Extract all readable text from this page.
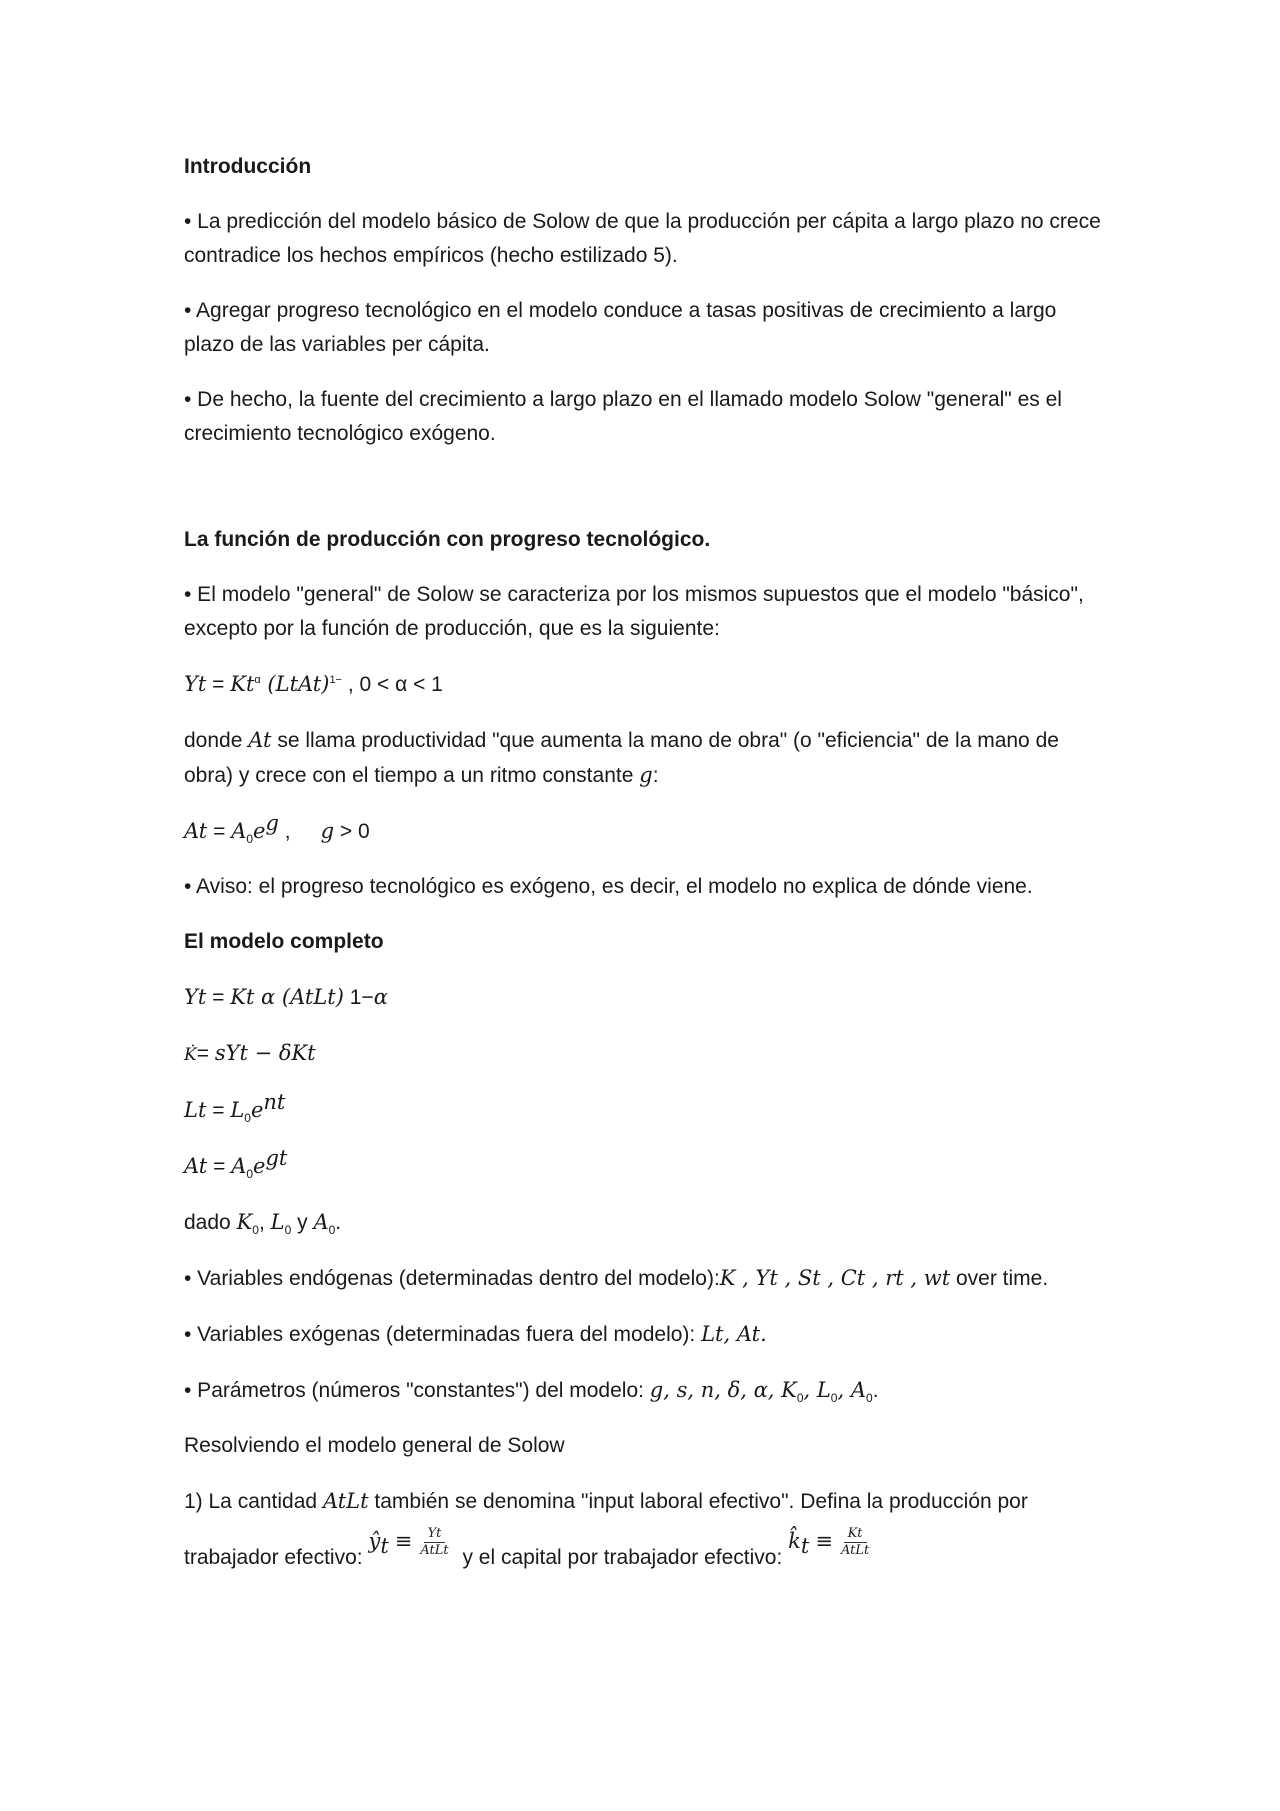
Introducción

• La predicción del modelo básico de Solow de que la producción per cápita a largo plazo no crece contradice los hechos empíricos (hecho estilizado 5).

• Agregar progreso tecnológico en el modelo conduce a tasas positivas de crecimiento a largo plazo de las variables per cápita.

• De hecho, la fuente del crecimiento a largo plazo en el llamado modelo Solow "general" es el crecimiento tecnológico exógeno.

La función de producción con progreso tecnológico.

• El modelo "general" de Solow se caracteriza por los mismos supuestos que el modelo "básico", excepto por la función de producción, que es la siguiente:

$Yt = Kt^\alpha$ (LtAt)$^{1-}$ , 0 < α < 1

donde At se llama productividad "que aumenta la mano de obra" (o "eficiencia" de la mano de obra) y crece con el tiempo a un ritmo constante g:

$At = A_0e^g$ , g > 0

• Aviso: el progreso tecnológico es exógeno, es decir, el modelo no explica de dónde viene.

El modelo completo

Yt = Kt α (AtLt) 1−α

K̇= sYt − δKt

$Lt = L_0e^{nt}$

$At = A_0e^{gt}$

dado $K_0$, $L_0$ y $A_0$.

• Variables endógenas (determinadas dentro del modelo):K , Yt , St , Ct , rt , wt over time.

• Variables exógenas (determinadas fuera del modelo): Lt, At.

• Parámetros (números "constantes") del modelo: g, s, n, δ, α, $K_0$, $L_0$, $A_0$.

Resolviendo el modelo general de Solow

1) La cantidad AtLt también se denomina "input laboral efectivo". Defina la producción por

trabajador efectivo: $ŷ_t \equiv \frac{Yt}{\text{AtLt}}$ y el capital por trabajador efectivo: $k̂_t \equiv \frac{Kt}{\text{AtLt}}$
